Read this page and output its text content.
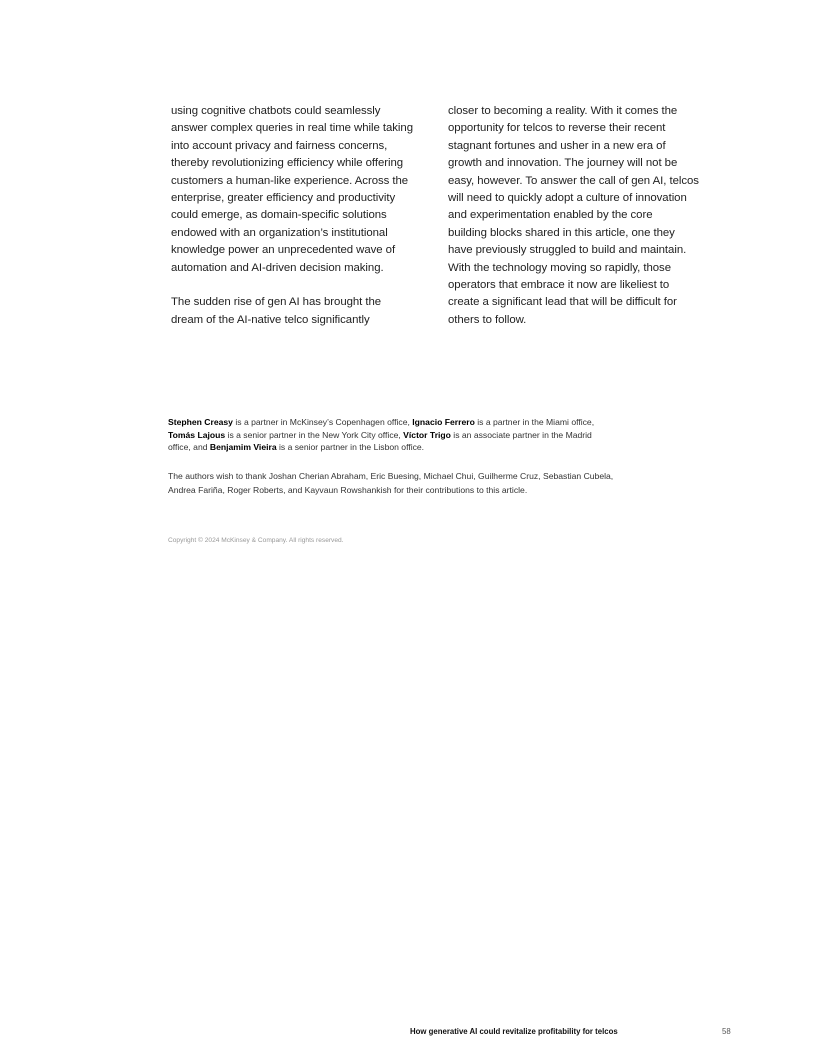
using cognitive chatbots could seamlessly
answer complex queries in real time while taking
into account privacy and fairness concerns,
thereby revolutionizing efficiency while offering
customers a human-like experience. Across the
enterprise, greater efficiency and productivity
could emerge, as domain-specific solutions
endowed with an organization’s institutional
knowledge power an unprecedented wave of
automation and AI-driven decision making.

The sudden rise of gen AI has brought the
dream of the AI-native telco significantly

closer to becoming a reality. With it comes the
opportunity for telcos to reverse their recent
stagnant fortunes and usher in a new era of
growth and innovation. The journey will not be
easy, however. To answer the call of gen AI, telcos
will need to quickly adopt a culture of innovation
and experimentation enabled by the core
building blocks shared in this article, one they
have previously struggled to build and maintain.
With the technology moving so rapidly, those
operators that embrace it now are likeliest to
create a significant lead that will be difficult for
others to follow.

Stephen Creasy is a partner in McKinsey’s Copenhagen office, Ignacio Ferrero is a partner in the Miami office,
Tomás Lajous is a senior partner in the New York City office, Víctor Trigo is an associate partner in the Madrid
office, and Benjamim Vieira is a senior partner in the Lisbon office.

The authors wish to thank Joshan Cherian Abraham, Eric Buesing, Michael Chui, Guilherme Cruz, Sebastian Cubela,
Andrea Fariña, Roger Roberts, and Kayvaun Rowshankish for their contributions to this article.

Copyright © 2024 McKinsey & Company. All rights reserved.
How generative AI could revitalize profitability for telcos	58
